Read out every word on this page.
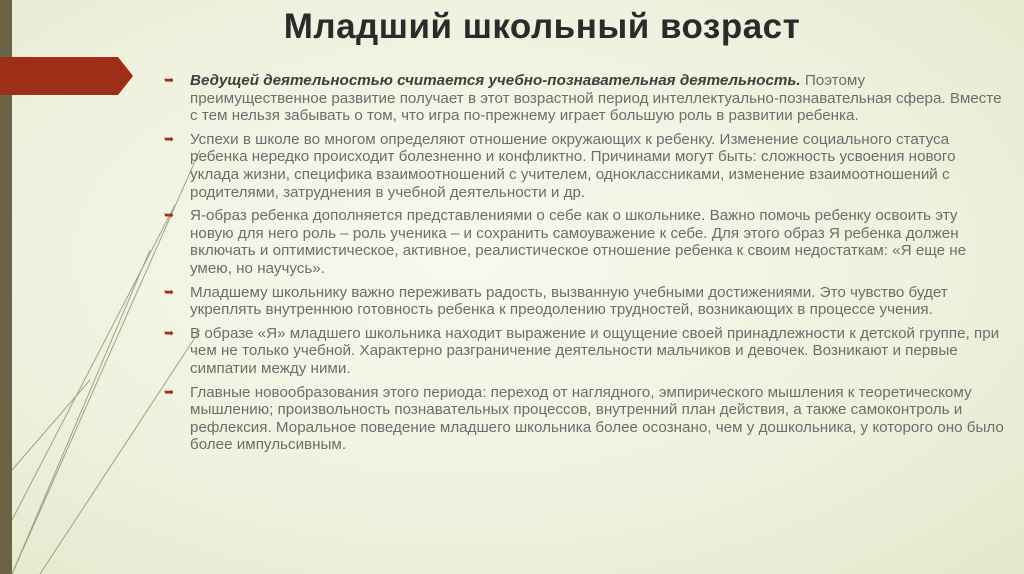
Младший школьный возраст
➥ Ведущей деятельностью считается учебно-познавательная деятельность. Поэтому преимущественное развитие получает в этот возрастной период интеллектуально-познавательная сфера. Вместе с тем нельзя забывать о том, что игра по-прежнему играет большую роль в развитии ребенка.
➥ Успехи в школе во многом определяют отношение окружающих к ребенку. Изменение социального статуса ребенка нередко происходит болезненно и конфликтно. Причинами могут быть: сложность усвоения нового уклада жизни, специфика взаимоотношений с учителем, одноклассниками, изменение взаимоотношений с родителями, затруднения в учебной деятельности и др.
➥ Я-образ ребенка дополняется представлениями о себе как о школьнике. Важно помочь ребенку освоить эту новую для него роль – роль ученика – и сохранить самоуважение к себе. Для этого образ Я ребенка должен включать и оптимистическое, активное, реалистическое отношение ребенка к своим недостаткам: «Я еще не умею, но научусь».
➥ Младшему школьнику важно переживать радость, вызванную учебными достижениями. Это чувство будет укреплять внутреннюю готовность ребенка к преодолению трудностей, возникающих в процессе учения.
➥ В образе «Я» младшего школьника находит выражение и ощущение своей принадлежности к детской группе, при чем не только учебной. Характерно разграничение деятельности мальчиков и девочек. Возникают и первые симпатии между ними.
➥ Главные новообразования этого периода: переход от наглядного, эмпирического мышления к теоретическому мышлению; произвольность познавательных процессов, внутренний план действия, а также самоконтроль и рефлексия. Моральное поведение младшего школьника более осознано, чем у дошкольника, у которого оно было более импульсивным.
